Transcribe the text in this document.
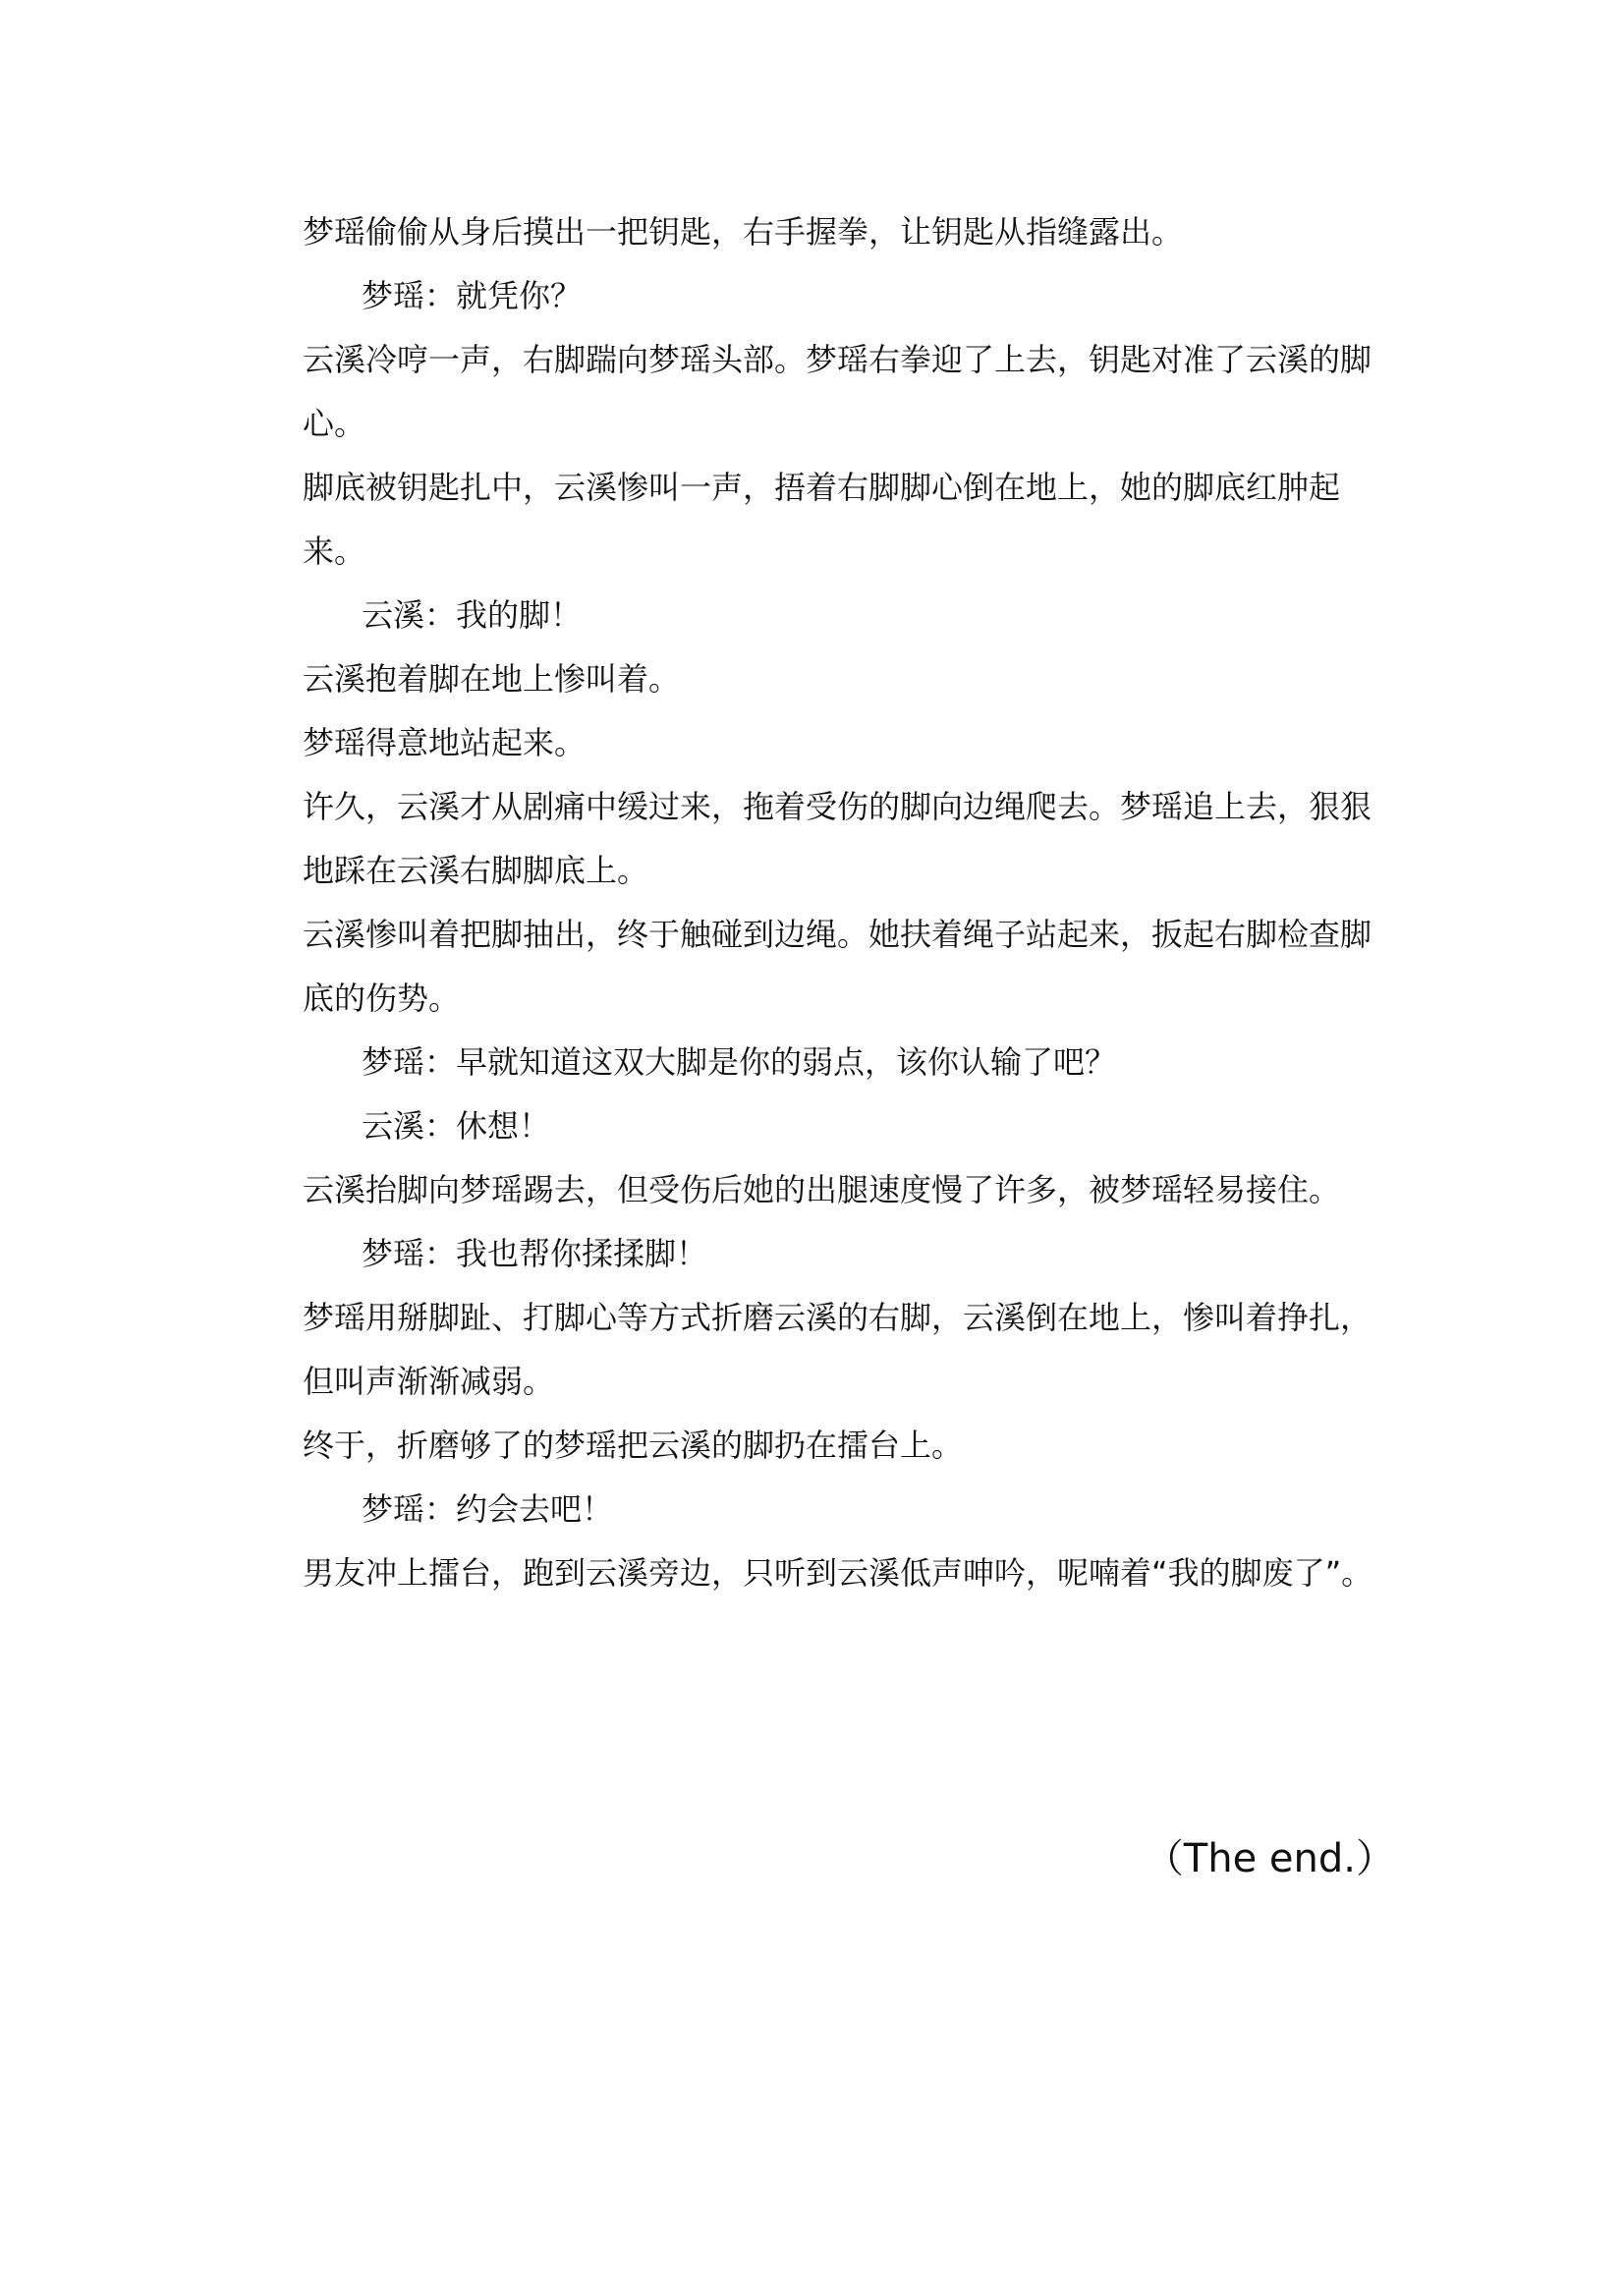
梦瑶偷偷从身后摸出一把钥匙，右手握拳，让钥匙从指缝露出。

梦瑶：就凭你？

云溪冷哼一声，右脚踹向梦瑶头部。梦瑶右拳迎了上去，钥匙对准了云溪的脚心。

脚底被钥匙扎中，云溪惨叫一声，捂着右脚脚心倒在地上，她的脚底红肿起来。

云溪：我的脚！

云溪抱着脚在地上惨叫着。

梦瑶得意地站起来。

许久，云溪才从剧痛中缓过来，拖着受伤的脚向边绳爬去。梦瑶追上去，狠狠地踩在云溪右脚脚底上。

云溪惨叫着把脚抽出，终于触碰到边绳。她扶着绳子站起来，扳起右脚检查脚底的伤势。

梦瑶：早就知道这双大脚是你的弱点，该你认输了吧？

云溪：休想！

云溪抬脚向梦瑶踢去，但受伤后她的出腿速度慢了许多，被梦瑶轻易接住。

梦瑶：我也帮你揉揉脚！

梦瑶用掰脚趾、打脚心等方式折磨云溪的右脚，云溪倒在地上，惨叫着挣扎，但叫声渐渐减弱。

终于，折磨够了的梦瑶把云溪的脚扔在擂台上。

梦瑶：约会去吧！

男友冲上擂台，跑到云溪旁边，只听到云溪低声呻吟，呢喃着“我的脚废了”。

（The end.）
